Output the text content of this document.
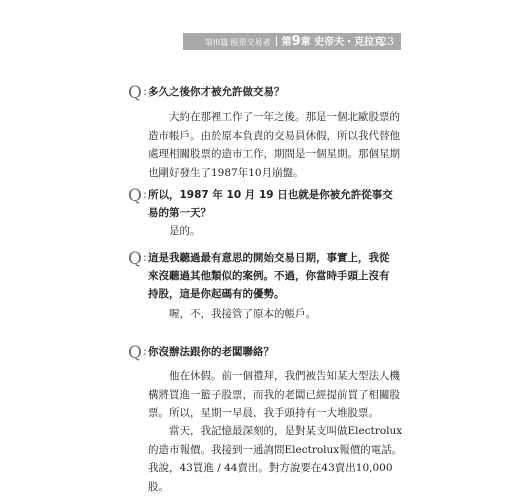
第III篇 股票交易者 第9章 史帝夫・克拉克
23
Q: 多久之後你才被允許做交易？

大約在那裡工作了一年之後。那是一個北歐股票的造市帳戶。由於原本負責的交易員休假，所以我代替他處理相關股票的造市工作，期間是一個星期。那個星期也剛好發生了1987年10月崩盤。

Q: 所以，1987 年 10 月 19 日也就是你被允許從事交易的第一天？

是的。

Q: 這是我聽過最有意思的開始交易日期，事實上，我從來沒聽過其他類似的案例。不過，你當時手頭上沒有持股，這是你起碼有的優勢。

喔，不，我接管了原本的帳戶。

Q: 你沒辦法跟你的老闆聯絡？

他在休假。前一個禮拜，我們被告知某大型法人機構將買進一籃子股票，而我的老闆已經提前買了相關股票。所以，星期一早晨，我手頭持有一大堆股票。

當天，我記憶最深刻的，是對某支叫做Electrolux的造市報價。我接到一通詢問Electrolux報價的電話。我說，43買進 / 44賣出。對方說要在43賣出10,000股。
